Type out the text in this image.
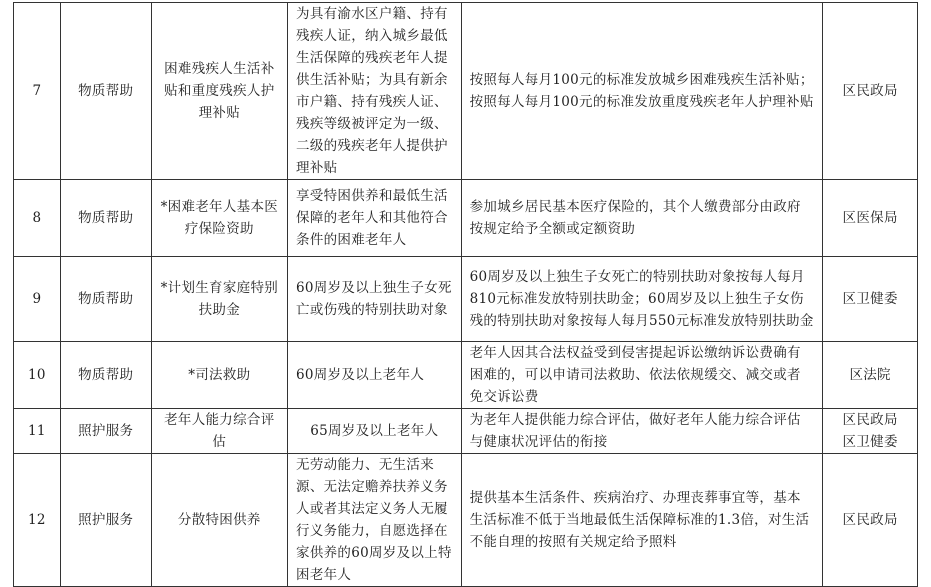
7	物质帮助	困难残疾人生活补贴和重度残疾人护理补贴	为具有渝水区户籍、持有残疾人证，纳入城乡最低生活保障的残疾老年人提供生活补贴；为具有新余市户籍、持有残疾人证、残疾等级被评定为一级、二级的残疾老年人提供护理补贴	按照每人每月100元的标准发放城乡困难残疾生活补贴；按照每人每月100元的标准发放重度残疾老年人护理补贴	区民政局

8	物质帮助	*困难老年人基本医疗保险资助	享受特困供养和最低生活保障的老年人和其他符合条件的困难老年人	参加城乡居民基本医疗保险的，其个人缴费部分由政府按规定给予全额或定额资助	区医保局

9	物质帮助	*计划生育家庭特别扶助金	60周岁及以上独生子女死亡或伤残的特别扶助对象	60周岁及以上独生子女死亡的特别扶助对象按每人每月810元标准发放特别扶助金；60周岁及以上独生子女伤残的特别扶助对象按每人每月550元标准发放特别扶助金	区卫健委

10	物质帮助	*司法救助	60周岁及以上老年人	老年人因其合法权益受到侵害提起诉讼缴纳诉讼费确有困难的，可以申请司法救助、依法依规缓交、减交或者免交诉讼费	区法院

11	照护服务	老年人能力综合评估	65周岁及以上老年人	为老年人提供能力综合评估，做好老年人能力综合评估与健康状况评估的衔接	区民政局
区卫健委

12	照护服务	分散特困供养	无劳动能力、无生活来源、无法定赡养扶养义务人或者其法定义务人无履行义务能力，自愿选择在家供养的60周岁及以上特困老年人	提供基本生活条件、疾病治疗、办理丧葬事宜等，基本生活标准不低于当地最低生活保障标准的1.3倍，对生活不能自理的按照有关规定给予照料	区民政局
